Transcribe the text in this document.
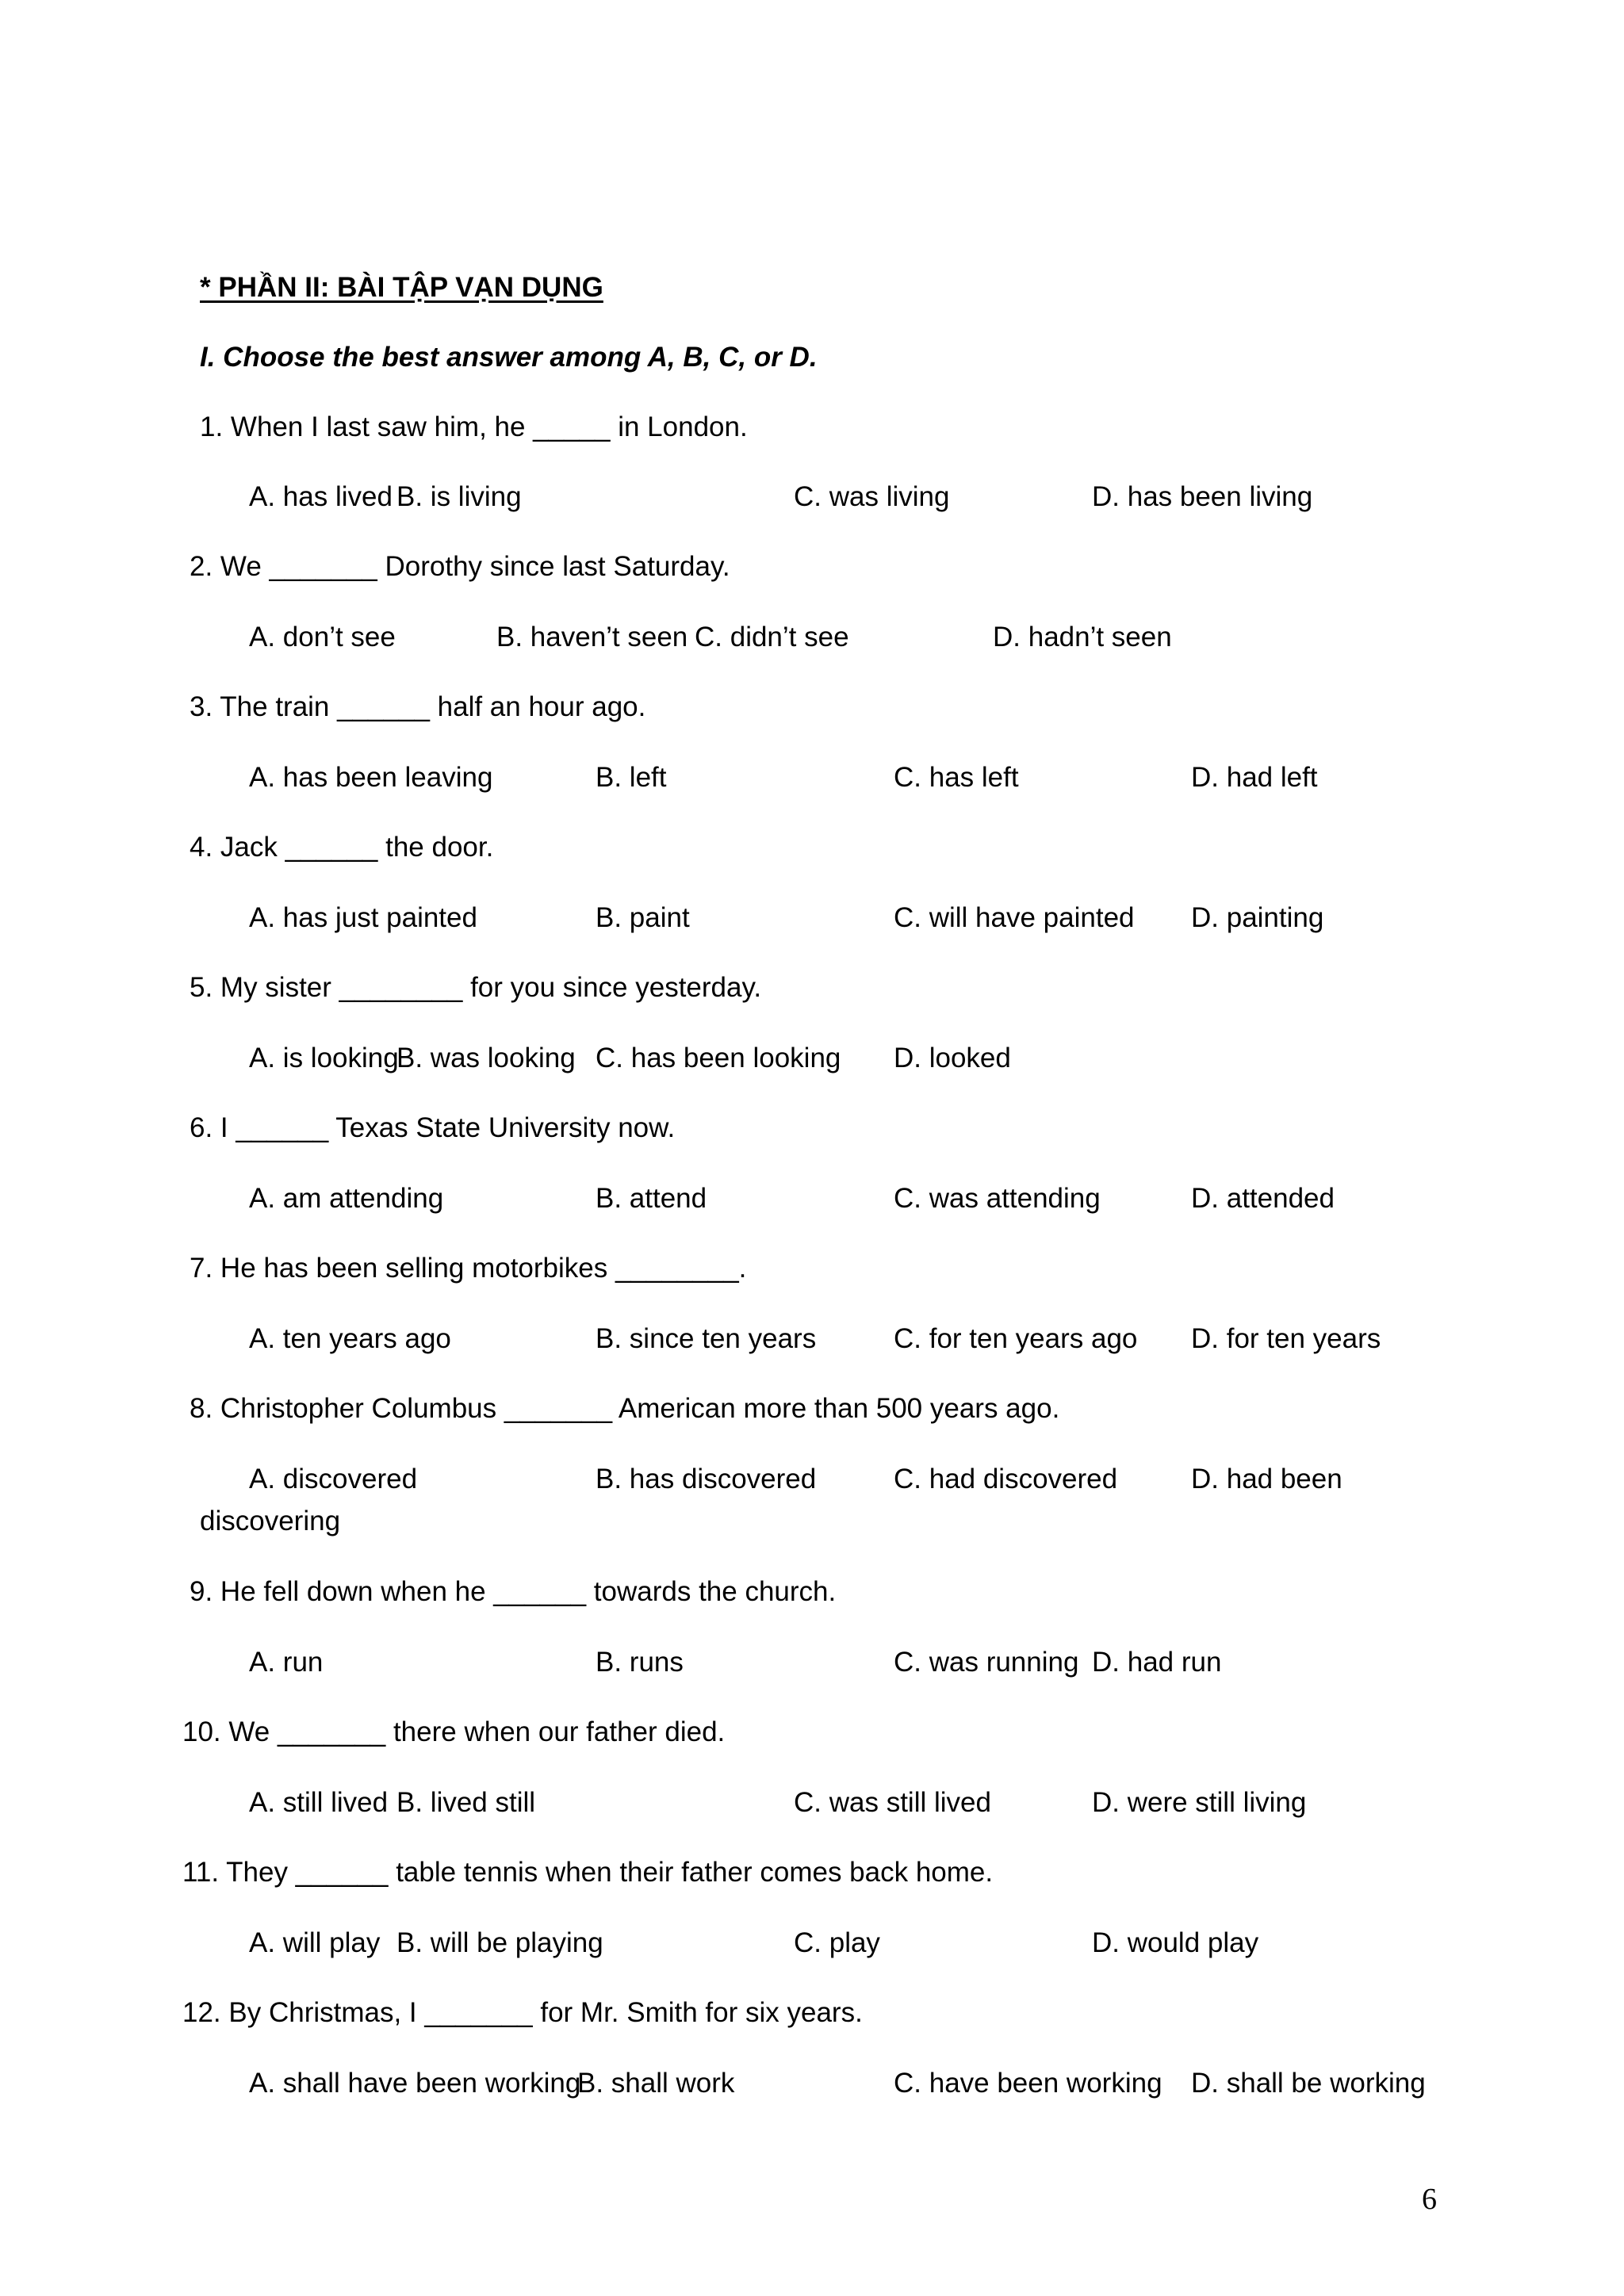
* PHẦN II: BÀI TẬP VẠN DỤNG
I. Choose the best answer among A, B, C, or D.
1. When I last saw him, he _____ in London.
A. has lived B. is living	C. was living	D. has been living
2. We _______ Dorothy since last Saturday.
A. don’t see	B. haven’t seen C. didn’t see	D. hadn’t seen
3. The train ______ half an hour ago.
A. has been leaving	B. left	C. has left	D. had left
4. Jack ______ the door.
A. has just painted	B. paint	C. will have painted D. painting
5. My sister ________ for you since yesterday.
A. is looking
B. was looking C. has been looking D. looked
6. I ______ Texas State University now.
A. am attending	B. attend	C. was attending	D. attended
7. He has been selling motorbikes ________.
A. ten years ago	B. since ten years	C. for ten years ago D. for ten years
8. Christopher Columbus _______ American more than 500 years ago.
A. discovered	B. has discovered	C. had discovered	D. had been
discovering
9. He fell down when he ______ towards the church.
A. run	B. runs	C. was running D. had run
10. We _______ there when our father died.
A. still lived B. lived still	C. was still lived	D. were still living
11. They ______ table tennis when their father comes back home.
A. will play B. will be playing	C. play	D. would play
12. By Christmas, I _______ for Mr. Smith for six years.
A. shall have been working
B. shall work	C. have been working D. shall be working
6
